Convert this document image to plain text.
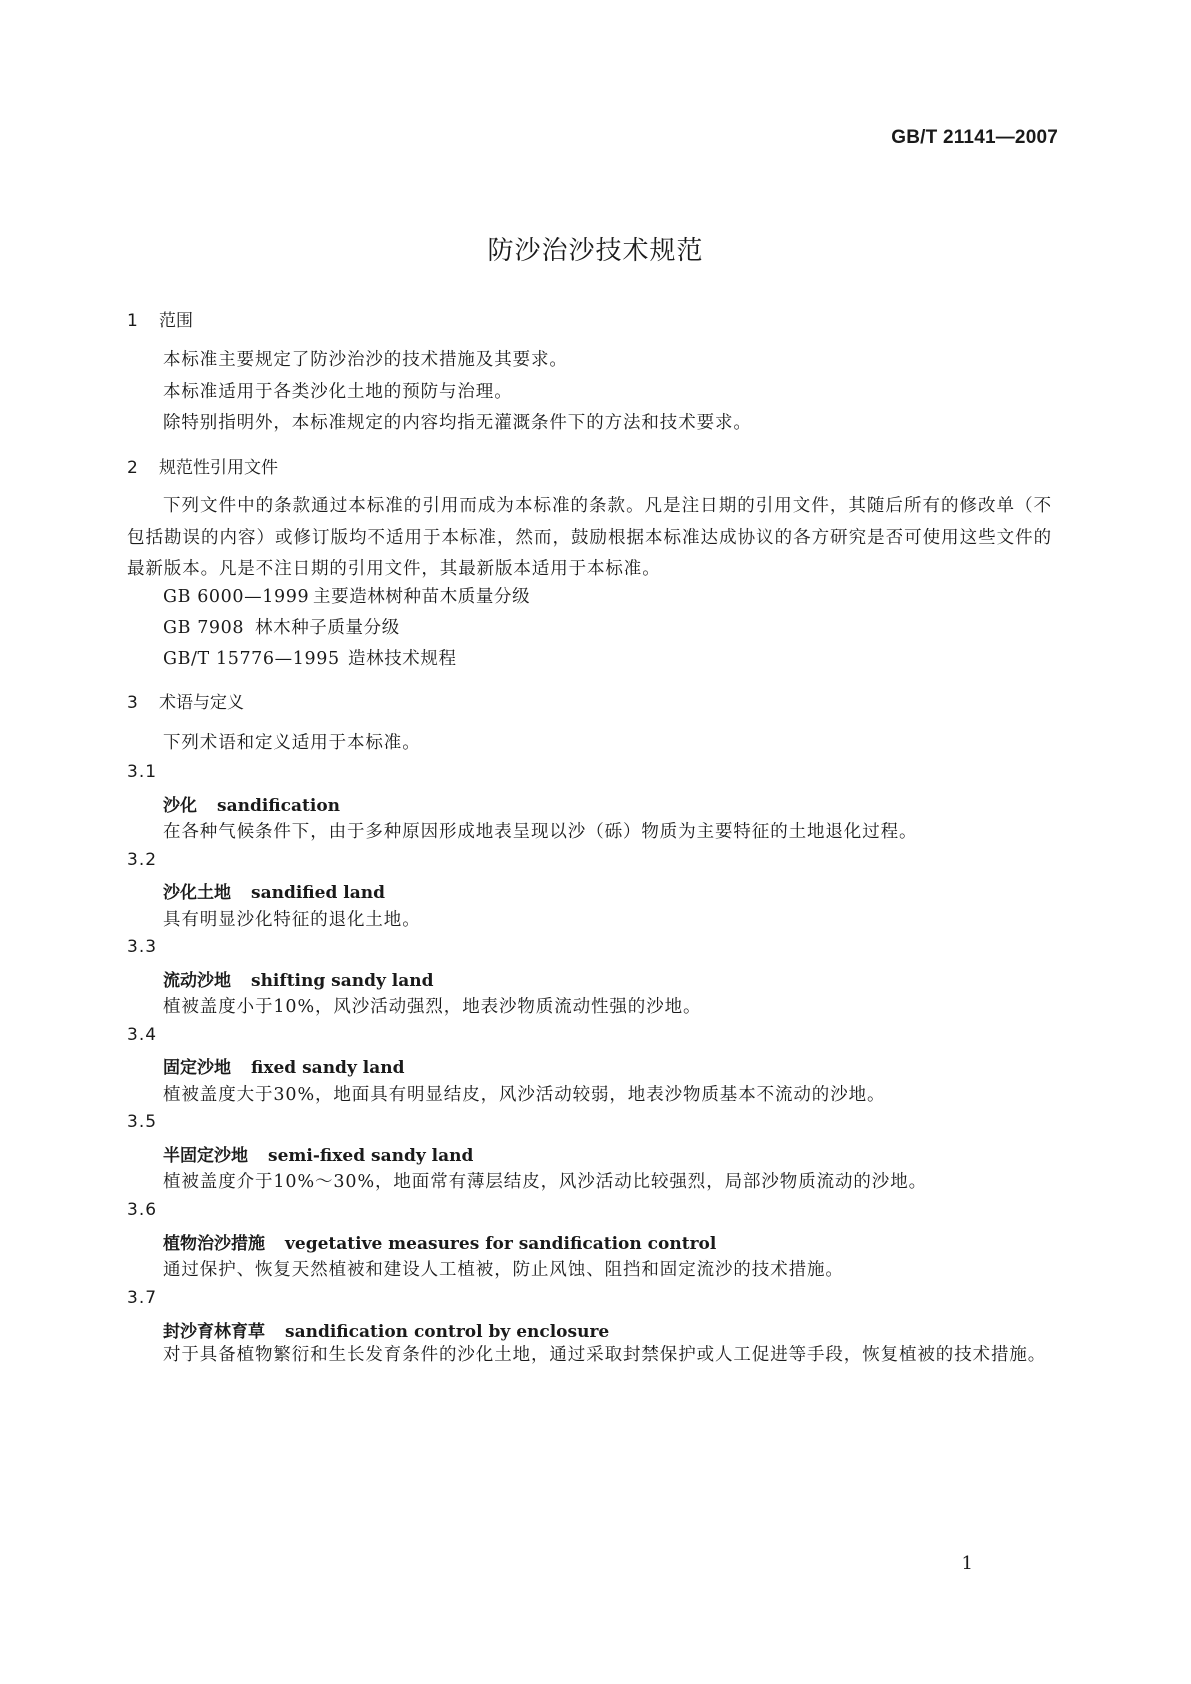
GB/T 21141—2007
防沙治沙技术规范
1 范围
本标准主要规定了防沙治沙的技术措施及其要求。
本标准适用于各类沙化土地的预防与治理。
除特别指明外，本标准规定的内容均指无灌溉条件下的方法和技术要求。
2 规范性引用文件
下列文件中的条款通过本标准的引用而成为本标准的条款。凡是注日期的引用文件，其随后所有的修改单（不包括勘误的内容）或修订版均不适用于本标准，然而，鼓励根据本标准达成协议的各方研究是否可使用这些文件的最新版本。凡是不注日期的引用文件，其最新版本适用于本标准。
GB 6000—1999 主要造林树种苗木质量分级
GB 7908 林木种子质量分级
GB/T 15776—1995 造林技术规程
3 术语与定义
下列术语和定义适用于本标准。
3.1
沙化 sandification
在各种气候条件下，由于多种原因形成地表呈现以沙（砾）物质为主要特征的土地退化过程。
3.2
沙化土地 sandified land
具有明显沙化特征的退化土地。
3.3
流动沙地 shifting sandy land
植被盖度小于10%，风沙活动强烈，地表沙物质流动性强的沙地。
3.4
固定沙地 fixed sandy land
植被盖度大于30%，地面具有明显结皮，风沙活动较弱，地表沙物质基本不流动的沙地。
3.5
半固定沙地 semi-fixed sandy land
植被盖度介于10%～30%，地面常有薄层结皮，风沙活动比较强烈，局部沙物质流动的沙地。
3.6
植物治沙措施 vegetative measures for sandification control
通过保护、恢复天然植被和建设人工植被，防止风蚀、阻挡和固定流沙的技术措施。
3.7
封沙育林育草 sandification control by enclosure
对于具备植物繁衍和生长发育条件的沙化土地，通过采取封禁保护或人工促进等手段，恢复植被的技术措施。
1
